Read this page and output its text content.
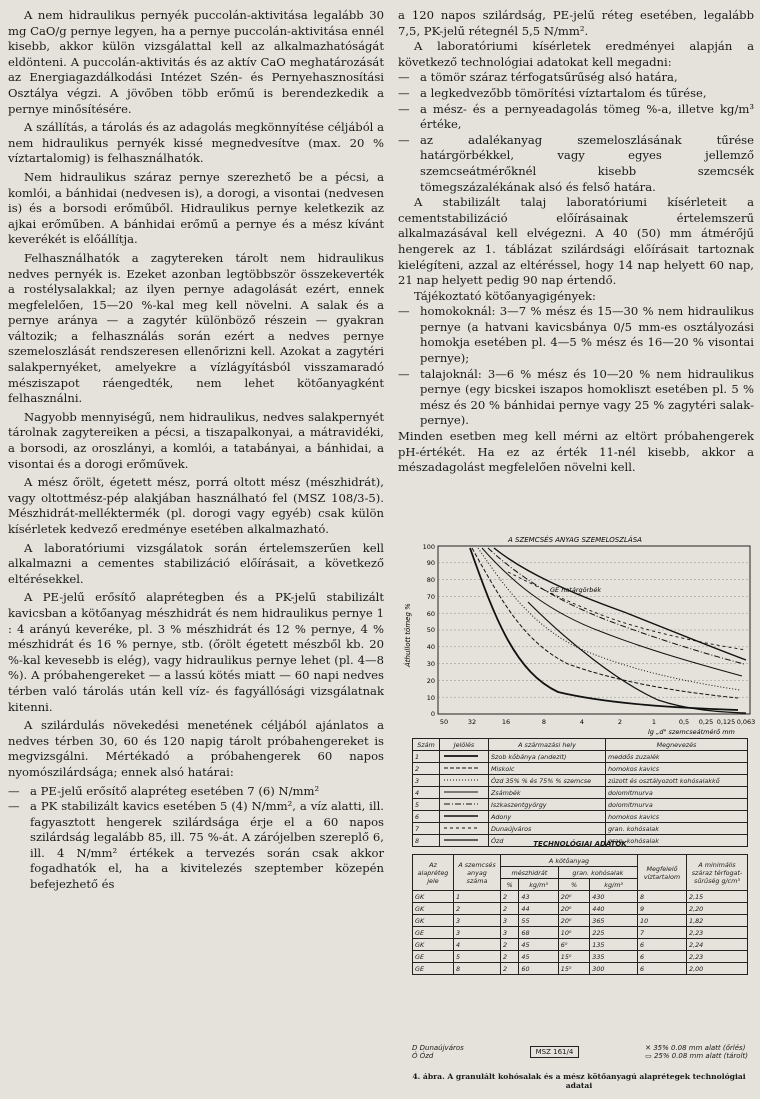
A nem hidraulikus pernyék puccolán-aktivitása legalább 30 mg CaO/g pernye legyen, ha a pernye puccolán-aktivitása ennél kisebb, akkor külön vizsgálattal kell az alkalmazhatóságát eldönteni. A puccolán-aktivitás és az aktív CaO meghatározását az Energiagazdálkodási Intézet Szén- és Pernyehasznosítási Osztálya végzi. A jövőben több erőmű is berendezkedik a pernye minősítésére.

A szállítás, a tárolás és az adagolás megkönnyítése céljából a nem hidraulikus pernyék kissé megnedvesítve (max. 20 % víztartalomig) is felhasználhatók.

Nem hidraulikus száraz pernye szerezhető be a pécsi, a komlói, a bánhidai (nedvesen is), a dorogi, a visontai (nedvesen is) és a borsodi erőműből. Hidraulikus pernye keletkezik az ajkai erőműben. A bánhidai erőmű a pernye és a mész kívánt keverékét is előállítja.

Felhasználhatók a zagytereken tárolt nem hidraulikus nedves pernyék is. Ezeket azonban legtöbbször összekeverték a rostélysalakkal; az ilyen pernye adagolását ezért, ennek megfelelően, 15—20 %-kal meg kell növelni. A salak és a pernye aránya — a zagytér különböző részein — gyakran változik; a felhasználás során ezért a nedves pernye szemeloszlását rendszeresen ellenőrizni kell. Azokat a zagytéri salakpernyéket, amelyekre a vízlágyításból visszamaradó mésziszapot ráengedték, nem lehet kötőanyagként felhasználni.

Nagyobb mennyiségű, nem hidraulikus, nedves salakpernyét tárolnak zagytereiken a pécsi, a tiszapalkonyai, a mátravidéki, a borsodi, az oroszlányi, a komlói, a tatabányai, a bánhidai, a visontai és a dorogi erőművek.

A mész őrölt, égetett mész, porrá oltott mész (mészhidrát), vagy oltottmész-pép alakjában használható fel (MSZ 108/3-5). Mészhidrát-melléktermék (pl. dorogi vagy egyéb) csak külön kísérletek kedvező eredménye esetében alkalmazható.

A laboratóriumi vizsgálatok során értelemszerűen kell alkalmazni a cementes stabilizáció előírásait, a következő eltérésekkel.

A PE-jelű erősítő alaprétegben és a PK-jelű stabilizált kavicsban a kötőanyag mészhidrát és nem hidraulikus pernye 1 : 4 arányú keveréke, pl. 3 % mészhidrát és 12 % pernye, 4 % mészhidrát és 16 % pernye, stb. (őrölt égetett mészből kb. 20 %-kal kevesebb is elég), vagy hidraulikus pernye lehet (pl. 4—8 %). A próbahengereket — a lassú kötés miatt — 60 napi nedves térben való tárolás után kell víz- és fagyállósági vizsgálatnak kitenni.

A szilárdulás növekedési menetének céljából ajánlatos a nedves térben 30, 60 és 120 napig tárolt próbahengereket is megvizsgálni. Mértékadó a próbahengerek 60 napos nyomószilárdsága; ennek alsó határai:

— a PE-jelű erősítő alapréteg esetében 7 (6) N/mm²
— a PK stabilizált kavics esetében 5 (4) N/mm², a víz alatti, ill. fagyasztott hengerek szilárdsága érje el a 60 napos szilárdság legalább 85, ill. 75 %-át. A zárójelben szereplő 6, ill. 4 N/mm² értékek a tervezés során csak akkor fogadhatók el, ha a kivitelezés szeptember közepén befejezhető és

a 120 napos szilárdság, PE-jelű réteg esetében, legalább 7,5, PK-jelű rétegnél 5,5 N/mm².

A laboratóriumi kísérletek eredményei alapján a következő technológiai adatokat kell megadni:

— a tömör száraz térfogatsűrűség alsó határa,
— a legkedvezőbb tömörítési víztartalom és tűrése,
— a mész- és a pernyeadagolás tömeg %-a, illetve kg/m³ értéke,
— az adalékanyag szemeloszlásának tűrése határgörbékkel, vagy egyes jellemző szemcseátmérőknél kisebb szemcsék tömegszázalékának alsó és felső határa.

A stabilizált talaj laboratóriumi kísérleteit a cementstabilizáció előírásainak értelemszerű alkalmazásával kell elvégezni. A 40 (50) mm átmérőjű hengerek az 1. táblázat szilárdsági előírásait tartoznak kielégíteni, azzal az eltéréssel, hogy 14 nap helyett 60 nap, 21 nap helyett pedig 90 nap értendő.

Tájékoztató kötőanyagigények:

— homokoknál: 3—7 % mész és 15—30 % nem hidraulikus pernye (a hatvani kavicsbánya 0/5 mm-es osztályozási homokja esetében pl. 4—5 % mész és 16—20 % visontai pernye);
— talajoknál: 3—6 % mész és 10—20 % nem hidraulikus pernye (egy bicskei iszapos homokliszt esetében pl. 5 % mész és 20 % bánhidai pernye vagy 25 % zagytéri salak-pernye).

Minden esetben meg kell mérni az eltört próbahengerek pH-értékét. Ha ez az érték 11-nél kisebb, akkor a mészadagolást megfelelően növelni kell.

A SZEMCSÉS ANYAG SZEMELOSZLÁSA
Áthullott tömeg %
100
90
80
70
60
50
40
30
20
10
0
50	32	16	8	4	2	1	0,5 0,25 0,125 0,063
lg „d" szemcseátmérő mm
GE határgörbék
Szám	Jelölés	A származási hely	Megnevezés
1		Szob kőbánya (andezit)	meddős zuzalék
2		Miskolc	homokos kavics
3		Ózd 35% % és 75% % szemcse	zúzott és osztályozott kohósalakkő
4		Zsámbék	dolomitmurva
5		Iszkaszentgyörgy	dolomitmurva
6		Adony	homokos kavics
7		Dunaújváros	gran. kohósalak
8		Ózd	gran. kohósalak
TECHNOLÓGIAI ADATOK
Az alapréteg jele	A szemcsés anyag száma	A kötőanyag				Megfelelő víztartalom	A minimális száraz térfogat-sűrűség g/cm³
		mészhidrát		gran. kohósalak			
		%	kg/m³	%	kg/m³		
GK	1	2	43	20⁰	430	8	2,15
GK	2	2	44	20⁰	440	9	2,20
GK	3	3	55	20⁰	365	10	1,82
GE	3	3	68	10⁰	225	7	2,23
GK	4	2	45	6⁰	135	6	2,24
GE	5	2	45	15⁰	335	6	2,23
GE	8	2	60	15⁰	300	6	2,00
D Dunaújváros
Ó Ózd	MSZ 161/4	✕ 35% 0.08 mm alatt (őrlés)
▭ 25% 0.08 mm alatt (tárolt)
4. ábra. A granulált kohósalak és a mész kötőanyagú alaprétegek technológiai adatai
